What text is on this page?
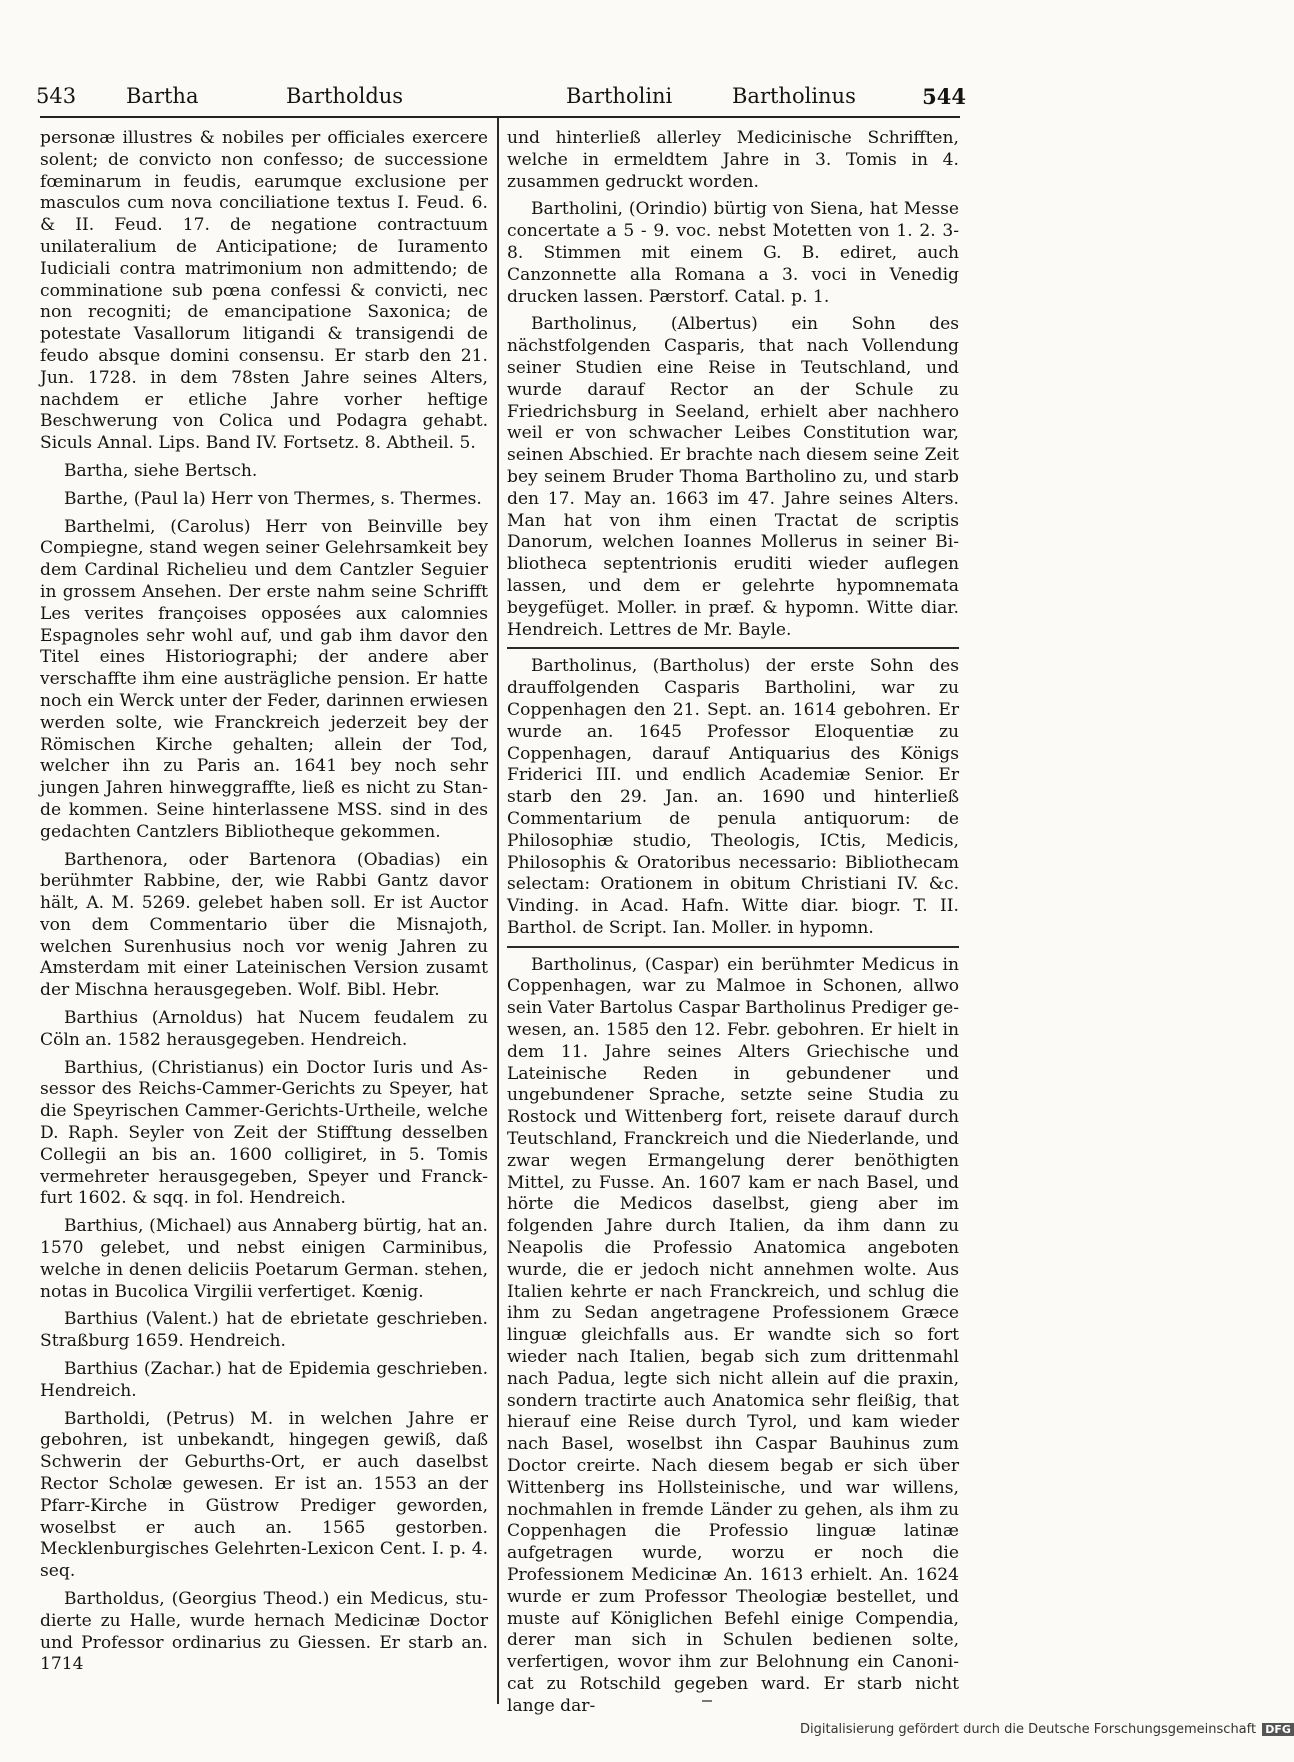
543 Bartha	Bartholdus	Bartholini	Bartholinus	544

personæ illustres & nobiles per officiales exercere solent; de convicto non confesso; de successione fœminarum in feudis, earumque exclusione per masculos cum nova conciliatione textus I. Feud. 6. & II. Feud. 17. de negatione contractuum unilateralium de Anticipatione; de Iuramento Iudiciali contra matrimonium non admittendo; de comminatione sub pœna confessi & convicti, nec non recogniti; de emancipatione Saxonica; de potestate Vasallorum litigandi & transigendi de feudo absque domini consensu. Er starb den 21. Jun. 1728. in dem 78sten Jahre seines Alters, nachdem er etliche Jahre vorher heftige Beschwerung von Colica und Podagra gehabt. Siculs Annal. Lips. Band IV. Fortsetz. 8. Abtheil. 5.

Bartha, siehe Bertsch.

Barthe, (Paul la) Herr von Thermes, s. Thermes.

Barthelmi, (Carolus) Herr von Beinville bey Compiegne, stand wegen seiner Gelehrsamkeit bey dem Cardinal Richelieu und dem Cantzler Seguier in grossem Ansehen. Der erste nahm seine Schrifft Les verites françoises opposées aux calomnies Espagnoles sehr wohl auf, und gab ihm davor den Titel eines Historiographi; der andere aber verschaffte ihm eine austrägliche pension. Er hatte noch ein Werck unter der Feder, darinnen erwiesen werden solte, wie Franckreich jederzeit bey der Römischen Kirche gehalten; allein der Tod, welcher ihn zu Paris an. 1641 bey noch sehr jungen Jahren hinweggraffte, ließ es nicht zu Stande kommen. Seine hinterlassene MSS. sind in des gedachten Cantzlers Bibliotheque gekommen.

Barthenora, oder Bartenora (Obadias) ein berühmter Rabbine, der, wie Rabbi Gantz davor hält, A. M. 5269. gelebet haben soll. Er ist Auctor von dem Commentario über die Misnajoth, welchen Surenhusius noch vor wenig Jahren zu Amsterdam mit einer Lateinischen Version zusamt der Mischna herausgegeben. Wolf. Bibl. Hebr.

Barthius (Arnoldus) hat Nucem feudalem zu Cöln an. 1582 herausgegeben. Hendreich.

Barthius, (Christianus) ein Doctor Iuris und Assessor des Reichs-Cammer-Gerichts zu Speyer, hat die Speyrischen Cammer-Gerichts-Urtheile, welche D. Raph. Seyler von Zeit der Stifftung desselben Collegii an bis an. 1600 colligiret, in 5. Tomis vermehreter herausgegeben, Speyer und Franckfurt 1602. & sqq. in fol. Hendreich.

Barthius, (Michael) aus Annaberg bürtig, hat an. 1570 gelebet, und nebst einigen Carminibus, welche in denen deliciis Poetarum German. stehen, notas in Bucolica Virgilii verfertiget. Kœnig.

Barthius (Valent.) hat de ebrietate geschrieben. Straßburg 1659. Hendreich.

Barthius (Zachar.) hat de Epidemia geschrieben. Hendreich.

Bartholdi, (Petrus) M. in welchen Jahre er gebohren, ist unbekandt, hingegen gewiß, daß Schwerin der Geburths-Ort, er auch daselbst Rector Scholæ gewesen. Er ist an. 1553 an der Pfarr-Kirche in Güstrow Prediger geworden, woselbst er auch an. 1565 gestorben. Mecklenburgisches Gelehrten-Lexicon Cent. I. p. 4. seq.

Bartholdus, (Georgius Theod.) ein Medicus, studierte zu Halle, wurde hernach Medicinæ Doctor und Professor ordinarius zu Giessen. Er starb an. 1714

und hinterließ allerley Medicinische Schrifften, welche in ermeldtem Jahre in 3. Tomis in 4. zusammen gedruckt worden.

Bartholini, (Orindio) bürtig von Siena, hat Messe concertate a 5 - 9. voc. nebst Motetten von 1. 2. 3- 8. Stimmen mit einem G. B. ediret, auch Canzonnette alla Romana a 3. voci in Venedig drucken lassen. Pærstorf. Catal. p. 1.

Bartholinus, (Albertus) ein Sohn des nächstfolgenden Casparis, that nach Vollendung seiner Studien eine Reise in Teutschland, und wurde darauf Rector an der Schule zu Friedrichsburg in Seeland, erhielt aber nachhero weil er von schwacher Leibes Constitution war, seinen Abschied. Er brachte nach diesem seine Zeit bey seinem Bruder Thoma Bartholino zu, und starb den 17. May an. 1663 im 47. Jahre seines Alters. Man hat von ihm einen Tractat de scriptis Danorum, welchen Ioannes Mollerus in seiner Bibliotheca septentrionis eruditi wieder auflegen lassen, und dem er gelehrte hypomnemata beygefüget. Moller. in præf. & hypomn. Witte diar. Hendreich. Lettres de Mr. Bayle.

Bartholinus, (Bartholus) der erste Sohn des drauffolgenden Casparis Bartholini, war zu Coppenhagen den 21. Sept. an. 1614 gebohren. Er wurde an. 1645 Professor Eloquentiæ zu Coppenhagen, darauf Antiquarius des Königs Friderici III. und endlich Academiæ Senior. Er starb den 29. Jan. an. 1690 und hinterließ Commentarium de penula antiquorum: de Philosophiæ studio, Theologis, ICtis, Medicis, Philosophis & Oratoribus necessario: Bibliothecam selectam: Orationem in obitum Christiani IV. &c. Vinding. in Acad. Hafn. Witte diar. biogr. T. II. Barthol. de Script. Ian. Moller. in hypomn.

Bartholinus, (Caspar) ein berühmter Medicus in Coppenhagen, war zu Malmoe in Schonen, allwo sein Vater Bartolus Caspar Bartholinus Prediger gewesen, an. 1585 den 12. Febr. gebohren. Er hielt in dem 11. Jahre seines Alters Griechische und Lateinische Reden in gebundener und ungebundener Sprache, setzte seine Studia zu Rostock und Wittenberg fort, reisete darauf durch Teutschland, Franckreich und die Niederlande, und zwar wegen Ermangelung derer benöthigten Mittel, zu Fusse. An. 1607 kam er nach Basel, und hörte die Medicos daselbst, gieng aber im folgenden Jahre durch Italien, da ihm dann zu Neapolis die Professio Anatomica angeboten wurde, die er jedoch nicht annehmen wolte. Aus Italien kehrte er nach Franckreich, und schlug die ihm zu Sedan angetragene Professionem Græce linguæ gleichfalls aus. Er wandte sich so fort wieder nach Italien, begab sich zum drittenmahl nach Padua, legte sich nicht allein auf die praxin, sondern tractirte auch Anatomica sehr fleißig, that hierauf eine Reise durch Tyrol, und kam wieder nach Basel, woselbst ihn Caspar Bauhinus zum Doctor creirte. Nach diesem begab er sich über Wittenberg ins Hollsteinische, und war willens, nochmahlen in fremde Länder zu gehen, als ihm zu Coppenhagen die Professio linguæ latinæ aufgetragen wurde, worzu er noch die Professionem Medicinæ An. 1613 erhielt. An. 1624 wurde er zum Professor Theologiæ bestellet, und muste auf Königlichen Befehl einige Compendia, derer man sich in Schulen bedienen solte, verfertigen, wovor ihm zur Belohnung ein Canonicat zu Rotschild gegeben ward. Er starb nicht lange dar-

Digitalisierung gefördert durch die Deutsche Forschungsgemeinschaft DFG
